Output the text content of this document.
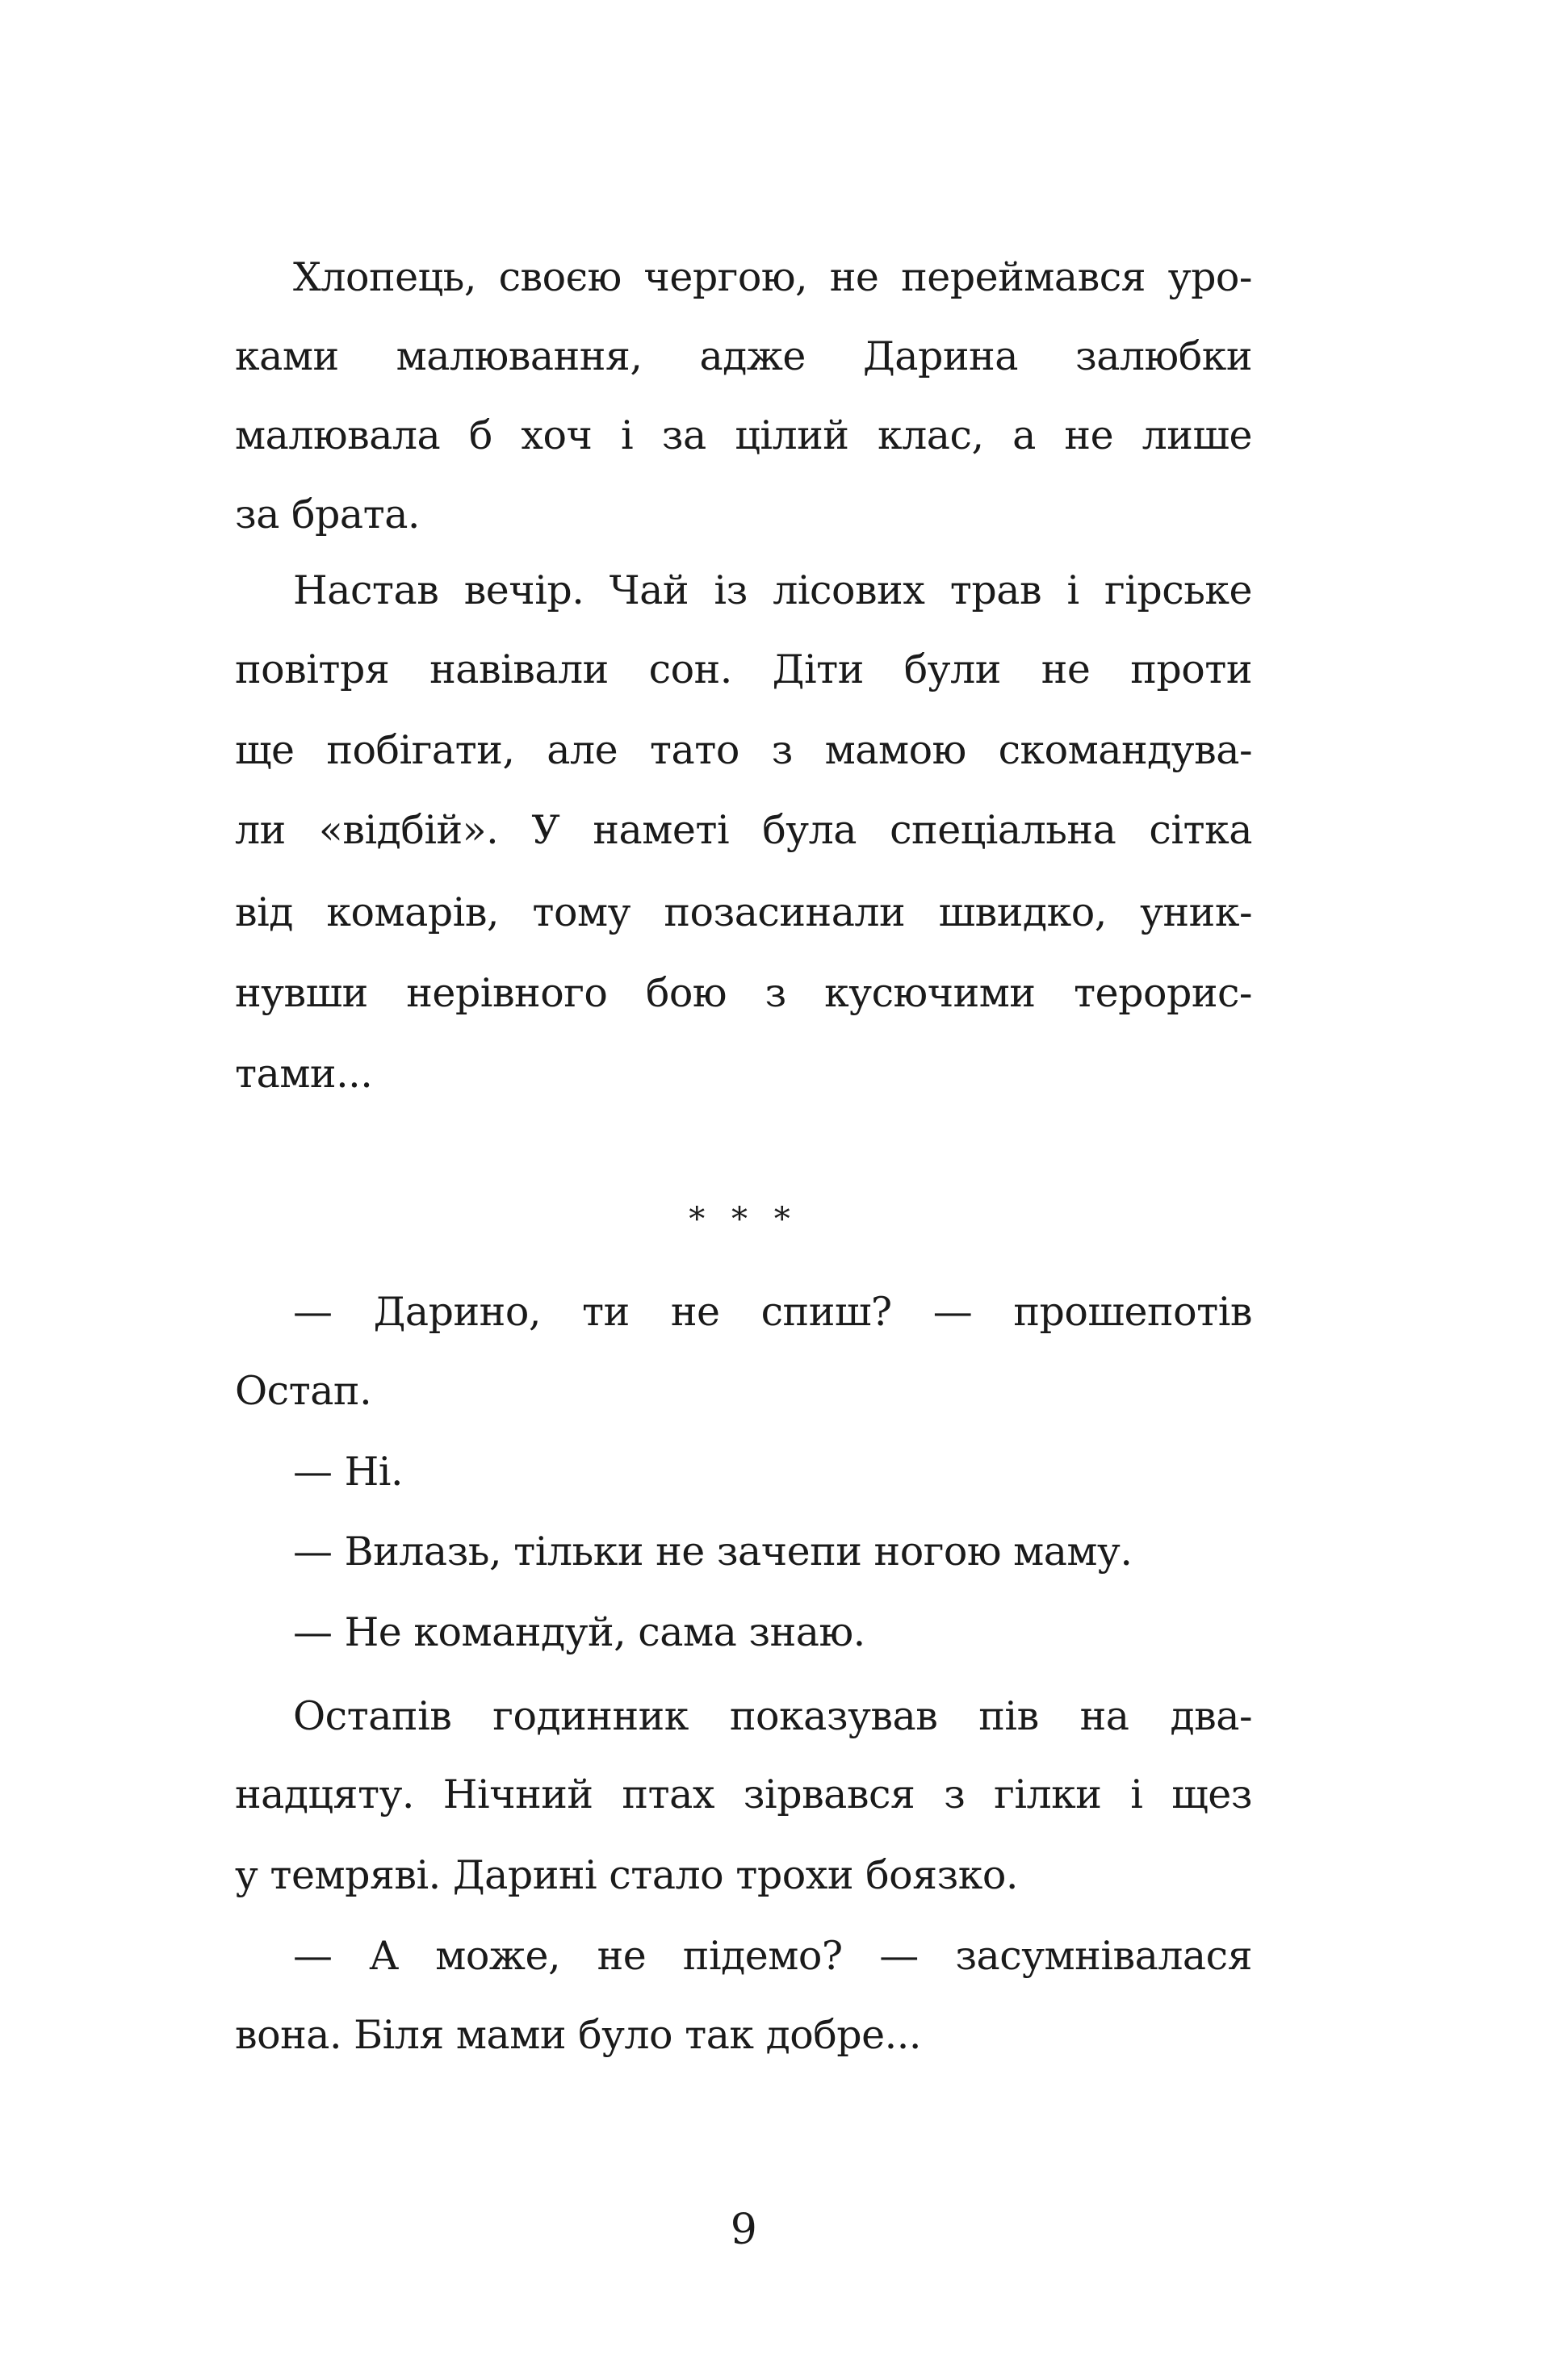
Хлопець, своєю чергою, не переймався уро-
ками малювання, адже Дарина залюбки
малювала б хоч і за цілий клас, а не лише
за брата.
Настав вечір. Чай із лісових трав і гірське
повітря навівали сон. Діти були не проти
ще побігати, але тато з мамою скомандува-
ли «відбій». У наметі була спеціальна сітка
від комарів, тому позасинали швидко, уник-
нувши нерівного бою з кусючими терорис-
тами...
* * *
— Дарино, ти не спиш? — прошепотів
Остап.
— Ні.
— Вилазь, тільки не зачепи ногою маму.
— Не командуй, сама знаю.
Остапів годинник показував пів на два-
надцяту. Нічний птах зірвався з гілки і щез
у темряві. Дарині стало трохи боязко.
— А може, не підемо? — засумнівалася
вона. Біля мами було так добре...
9
